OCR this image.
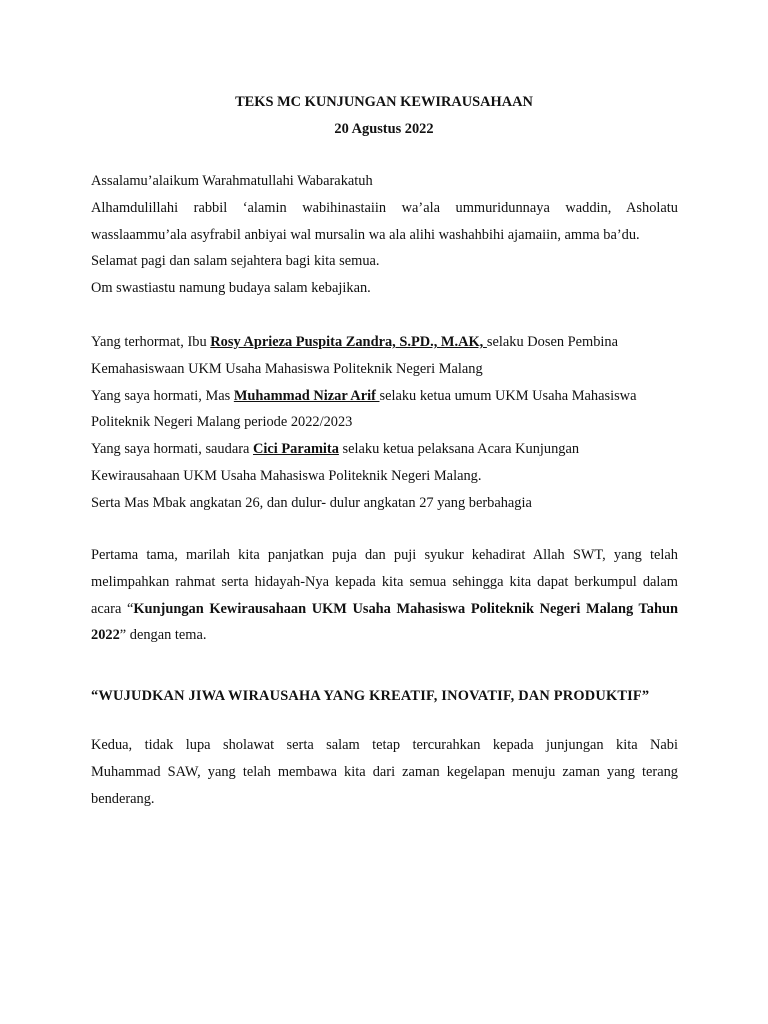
TEKS MC KUNJUNGAN KEWIRAUSAHAAN
20 Agustus 2022

Assalamu’alaikum Warahmatullahi Wabarakatuh

Alhamdulillahi rabbil ‘alamin wabihinastaiin wa’ala ummuridunnaya waddin, Asholatu

wasslaammu’ala asyfrabil anbiyai wal mursalin wa ala alihi washahbihi ajamaiin, amma ba’du.

Selamat pagi dan salam sejahtera bagi kita semua.

Om swastiastu namung budaya salam kebajikan.

Yang terhormat, Ibu Rosy Aprieza Puspita Zandra, S.PD., M.AK, selaku Dosen Pembina

Kemahasiswaan UKM Usaha Mahasiswa Politeknik Negeri Malang

Yang saya hormati, Mas Muhammad Nizar Arif selaku ketua umum UKM Usaha Mahasiswa

Politeknik Negeri Malang periode 2022/2023

Yang saya hormati, saudara Cici Paramita selaku ketua pelaksana Acara Kunjungan

Kewirausahaan UKM Usaha Mahasiswa Politeknik Negeri Malang.

Serta Mas Mbak angkatan 26, dan dulur- dulur angkatan 27 yang berbahagia

Pertama tama, marilah kita panjatkan puja dan puji syukur kehadirat Allah SWT, yang telah

melimpahkan rahmat serta hidayah-Nya kepada kita semua sehingga kita dapat berkumpul dalam

acara “Kunjungan Kewirausahaan UKM Usaha Mahasiswa Politeknik Negeri Malang Tahun 2022” dengan tema.

“WUJUDKAN JIWA WIRAUSAHA YANG KREATIF, INOVATIF, DAN PRODUKTIF”

Kedua, tidak lupa sholawat serta salam tetap tercurahkan kepada junjungan kita Nabi

Muhammad SAW, yang telah membawa kita dari zaman kegelapan menuju zaman yang terang

benderang.
